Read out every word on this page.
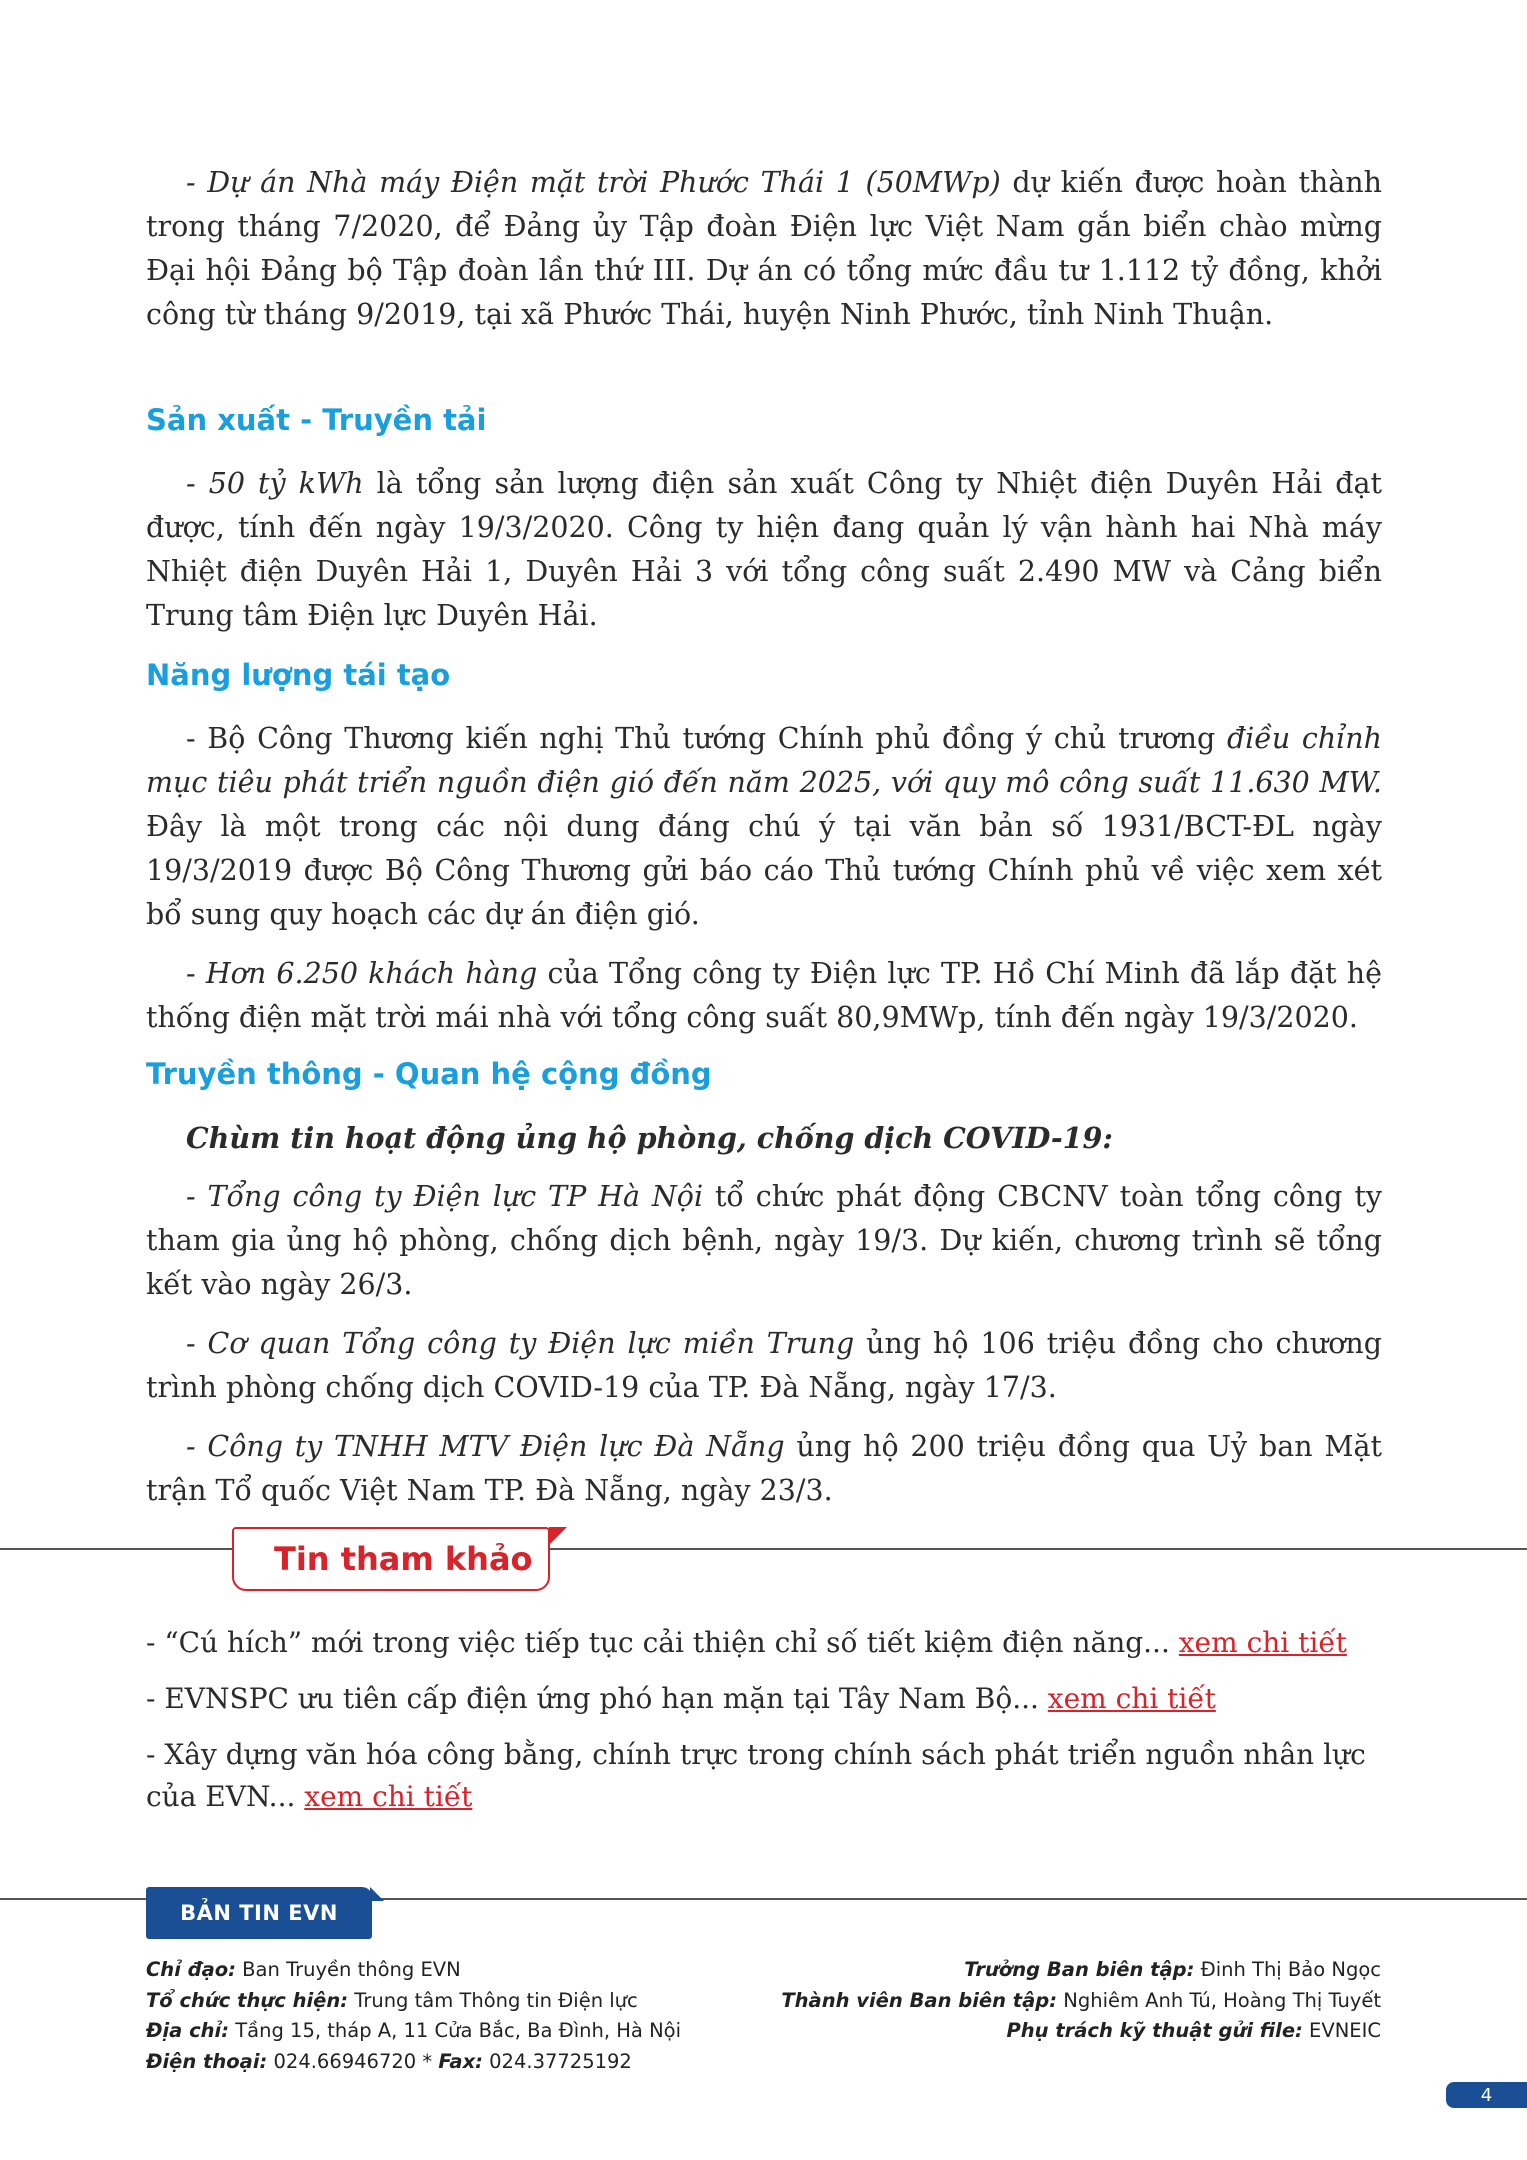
- Dự án Nhà máy Điện mặt trời Phước Thái 1 (50MWp) dự kiến được hoàn thành trong tháng 7/2020, để Đảng ủy Tập đoàn Điện lực Việt Nam gắn biển chào mừng Đại hội Đảng bộ Tập đoàn lần thứ III. Dự án có tổng mức đầu tư 1.112 tỷ đồng, khởi công từ tháng 9/2019, tại xã Phước Thái, huyện Ninh Phước, tỉnh Ninh Thuận.

Sản xuất - Truyền tải

- 50 tỷ kWh là tổng sản lượng điện sản xuất Công ty Nhiệt điện Duyên Hải đạt được, tính đến ngày 19/3/2020. Công ty hiện đang quản lý vận hành hai Nhà máy Nhiệt điện Duyên Hải 1, Duyên Hải 3 với tổng công suất 2.490 MW và Cảng biển Trung tâm Điện lực Duyên Hải.

Năng lượng tái tạo

- Bộ Công Thương kiến nghị Thủ tướng Chính phủ đồng ý chủ trương điều chỉnh mục tiêu phát triển nguồn điện gió đến năm 2025, với quy mô công suất 11.630 MW. Đây là một trong các nội dung đáng chú ý tại văn bản số 1931/BCT-ĐL ngày 19/3/2019 được Bộ Công Thương gửi báo cáo Thủ tướng Chính phủ về việc xem xét bổ sung quy hoạch các dự án điện gió.

- Hơn 6.250 khách hàng của Tổng công ty Điện lực TP. Hồ Chí Minh đã lắp đặt hệ thống điện mặt trời mái nhà với tổng công suất 80,9MWp, tính đến ngày 19/3/2020.

Truyền thông - Quan hệ cộng đồng

Chùm tin hoạt động ủng hộ phòng, chống dịch COVID-19:

- Tổng công ty Điện lực TP Hà Nội tổ chức phát động CBCNV toàn tổng công ty tham gia ủng hộ phòng, chống dịch bệnh, ngày 19/3. Dự kiến, chương trình sẽ tổng kết vào ngày 26/3.

- Cơ quan Tổng công ty Điện lực miền Trung ủng hộ 106 triệu đồng cho chương trình phòng chống dịch COVID-19 của TP. Đà Nẵng, ngày 17/3.

- Công ty TNHH MTV Điện lực Đà Nẵng ủng hộ 200 triệu đồng qua Uỷ ban Mặt trận Tổ quốc Việt Nam TP. Đà Nẵng, ngày 23/3.

Tin tham khảo

- “Cú hích” mới trong việc tiếp tục cải thiện chỉ số tiết kiệm điện năng... xem chi tiết

- EVNSPC ưu tiên cấp điện ứng phó hạn mặn tại Tây Nam Bộ... xem chi tiết

- Xây dựng văn hóa công bằng, chính trực trong chính sách phát triển nguồn nhân lực của EVN... xem chi tiết

BẢN TIN EVN
Chỉ đạo: Ban Truyền thông EVN
Tổ chức thực hiện: Trung tâm Thông tin Điện lực
Địa chỉ: Tầng 15, tháp A, 11 Cửa Bắc, Ba Đình, Hà Nội
Điện thoại: 024.66946720 * Fax: 024.37725192
Trưởng Ban biên tập: Đinh Thị Bảo Ngọc
Thành viên Ban biên tập: Nghiêm Anh Tú, Hoàng Thị Tuyết
Phụ trách kỹ thuật gửi file: EVNEIC
4
